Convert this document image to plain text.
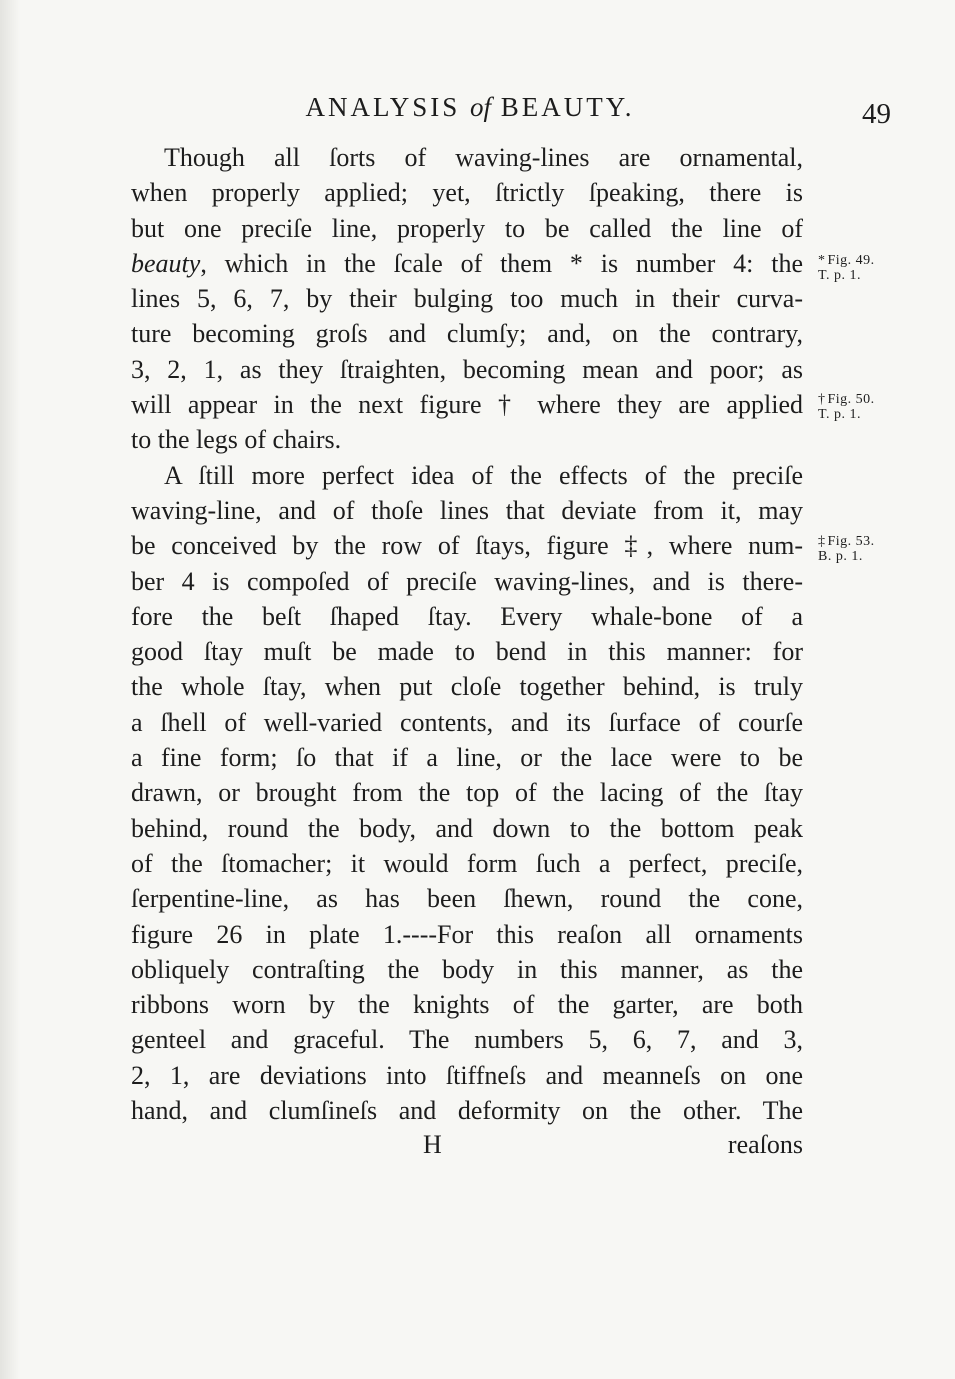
ANALYSIS of BEAUTY.	49
Though all ſorts of waving-lines are ornamental,
when properly applied; yet, ſtrictly ſpeaking, there is
but one preciſe line, properly to be called the line of
beauty, which in the ſcale of them * is number 4: the
lines 5, 6, 7, by their bulging too much in their curva-
ture becoming groſs and clumſy; and, on the contrary,
3, 2, 1, as they ſtraighten, becoming mean and poor; as
will appear in the next figure † where they are applied
to the legs of chairs.
A ſtill more perfect idea of the effects of the preciſe
waving-line, and of thoſe lines that deviate from it, may
be conceived by the row of ſtays, figure ‡, where num-
ber 4 is compoſed of preciſe waving-lines, and is there-
fore the beſt ſhaped ſtay. Every whale-bone of a
good ſtay muſt be made to bend in this manner: for
the whole ſtay, when put cloſe together behind, is truly
a ſhell of well-varied contents, and its ſurface of courſe
a fine form; ſo that if a line, or the lace were to be
drawn, or brought from the top of the lacing of the ſtay
behind, round the body, and down to the bottom peak
of the ſtomacher; it would form ſuch a perfect, preciſe,
ſerpentine-line, as has been ſhewn, round the cone,
figure 26 in plate 1.----For this reaſon all ornaments
obliquely contraſting the body in this manner, as the
ribbons worn by the knights of the garter, are both
genteel and graceful. The numbers 5, 6, 7, and 3,
2, 1, are deviations into ſtiffneſs and meanneſs on one
hand, and clumſineſs and deformity on the other. The
H	reaſons
* Fig. 49.
T. p. 1.
† Fig. 50.
T. p. 1.
‡ Fig. 53.
B. p. 1.
